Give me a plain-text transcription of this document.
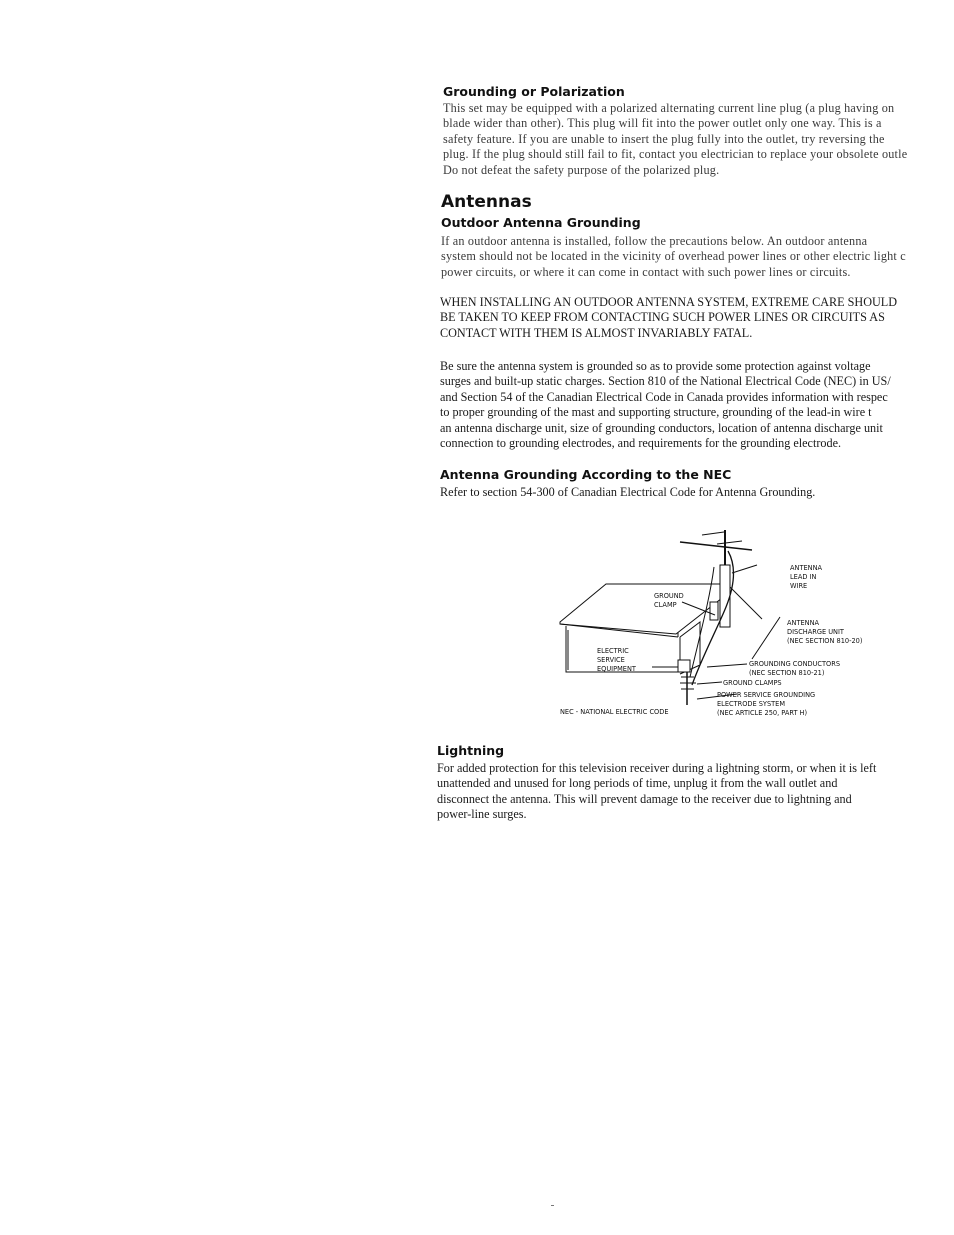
Grounding or Polarization
This set may be equipped with a polarized alternating current line plug (a plug having on
blade wider than other). This plug will fit into the power outlet only one way. This is a
safety feature. If you are unable to insert the plug fully into the outlet, try reversing the
plug. If the plug should still fail to fit, contact you electrician to replace your obsolete outle
Do not defeat the safety purpose of the polarized plug.
Antennas
Outdoor Antenna Grounding
If an outdoor antenna is installed, follow the precautions below. An outdoor antenna
system should not be located in the vicinity of overhead power lines or other electric light c
power circuits, or where it can come in contact with such power lines or circuits.
WHEN INSTALLING AN OUTDOOR ANTENNA SYSTEM, EXTREME CARE SHOULD
BE TAKEN TO KEEP FROM CONTACTING SUCH POWER LINES OR CIRCUITS AS
CONTACT WITH THEM IS ALMOST INVARIABLY FATAL.
Be sure the antenna system is grounded so as to provide some protection against voltage
surges and built-up static charges. Section 810 of the National Electrical Code (NEC) in US/
and Section 54 of the Canadian Electrical Code in Canada provides information with respec
to proper grounding of the mast and supporting structure, grounding of the lead-in wire t
an antenna discharge unit, size of grounding conductors, location of antenna discharge unit
connection to grounding electrodes, and requirements for the grounding electrode.
Antenna Grounding According to the NEC
Refer to section 54-300 of Canadian Electrical Code for Antenna Grounding.
ANTENNA
LEAD IN
WIRE
GROUND
CLAMP
ANTENNA
DISCHARGE UNIT
(NEC SECTION 810-20)
ELECTRIC
SERVICE
EQUIPMENT
GROUNDING CONDUCTORS
(NEC SECTION 810-21)
GROUND CLAMPS
POWER SERVICE GROUNDING
ELECTRODE SYSTEM
(NEC ARTICLE 250, PART H)
NEC - NATIONAL ELECTRIC CODE
Lightning
For added protection for this television receiver during a lightning storm, or when it is left
unattended and unused for long periods of time, unplug it from the wall outlet and
disconnect the antenna. This will prevent damage to the receiver due to lightning and
power-line surges.
